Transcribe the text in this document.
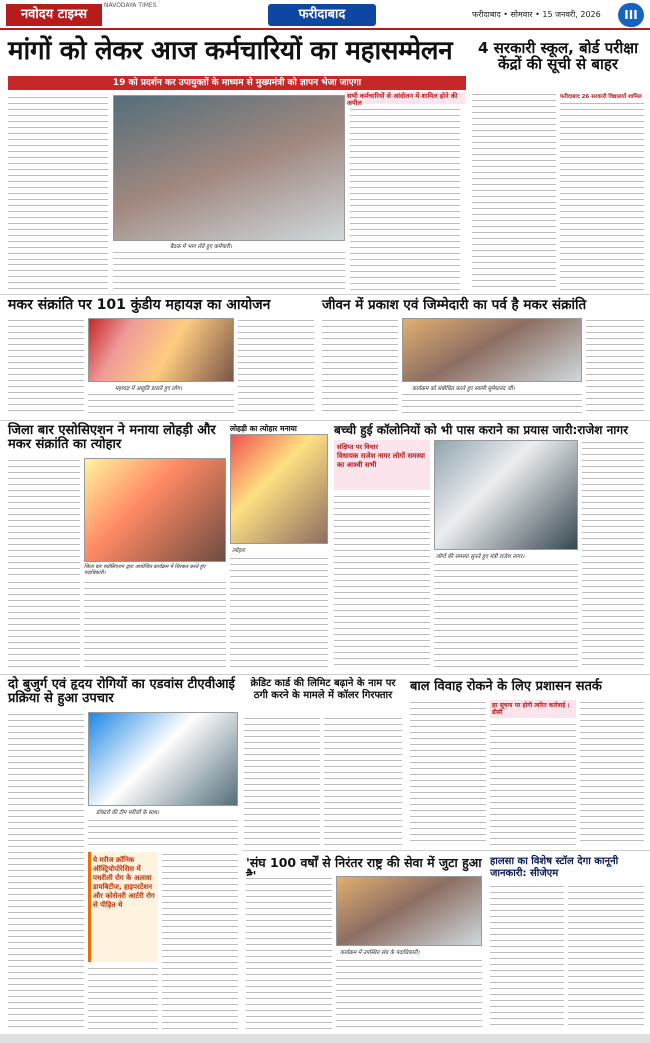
नवोदय टाइम्स
NAVODAYA TIMES
फरीदाबाद	फरीदाबाद • सोमवार • 15 जनवरी, 2026	III
मांगों को लेकर आज कर्मचारियों का महासम्मेलन
19 को प्रदर्शन कर उपायुक्तों के माध्यम से मुख्यमंत्री को ज्ञापन भेजा जाएगा
बैठक में भाग लेते हुए कर्मचारी।
सभी कर्मचारियों से आंदोलन में शामिल होने की अपील
4 सरकारी स्कूल, बोर्ड परीक्षा केंद्रों की सूची से बाहर
फरीदाबाद 26 सरकारी विद्यालयों शामिल
मकर संक्रांति पर 101 कुंडीय महायज्ञ का आयोजन
महायज्ञ में आहुति डालते हुए लोग।
जीवन में प्रकाश एवं जिम्मेदारी का पर्व है मकर संक्रांति
कार्यक्रम को संबोधित करते हुए स्वामी सुमेधानंद जी।
जिला बार एसोसिएशन ने मनाया लोहड़ी और मकर संक्रांति का त्योहार
जिला बार एसोसिएशन द्वारा आयोजित कार्यक्रम में शिरकत करते हुए पदाधिकारी।
लोहड़ी का त्योहार मनाया
त्योहार
बच्ची हुई कॉलोनियों को भी पास कराने का प्रयास जारी:राजेश नागर
संक्षिप्त पर विचार
विधायक राजेश नागर लोगों समस्या का आश्वी सभी
लोगों की समस्या सुनते हुए मंत्री राजेश नागर।
दो बुजुर्ग एवं हृदय रोगियों का एडवांस टीएवीआई प्रक्रिया से हुआ उपचार
डॉक्टरों की टीम मरीजों के साथ।
ये मरीज क्रॉनिक ऑस्ट्रियोपोरेसिस में पथरीली रोग के अलावा डायबिटीज, हाइपरटेंशन और कोरोनरी आर्टरी रोग से पीड़ित थे
क्रेडिट कार्ड की लिमिट बढ़ाने के नाम पर ठगी करने के मामले में कॉलर गिरफ्तार
बाल विवाह रोकने के लिए प्रशासन सतर्क
हर सूचना पर होगी त्वरित कार्रवाई : डीसी
'संघ 100 वर्षों से निरंतर राष्ट्र की सेवा में जुटा हुआ
कार्यक्रम में उपस्थित संघ के पदाधिकारी।
हालसा का विशेष स्टॉल देगा कानूनी जानकारी: सीजेएम
